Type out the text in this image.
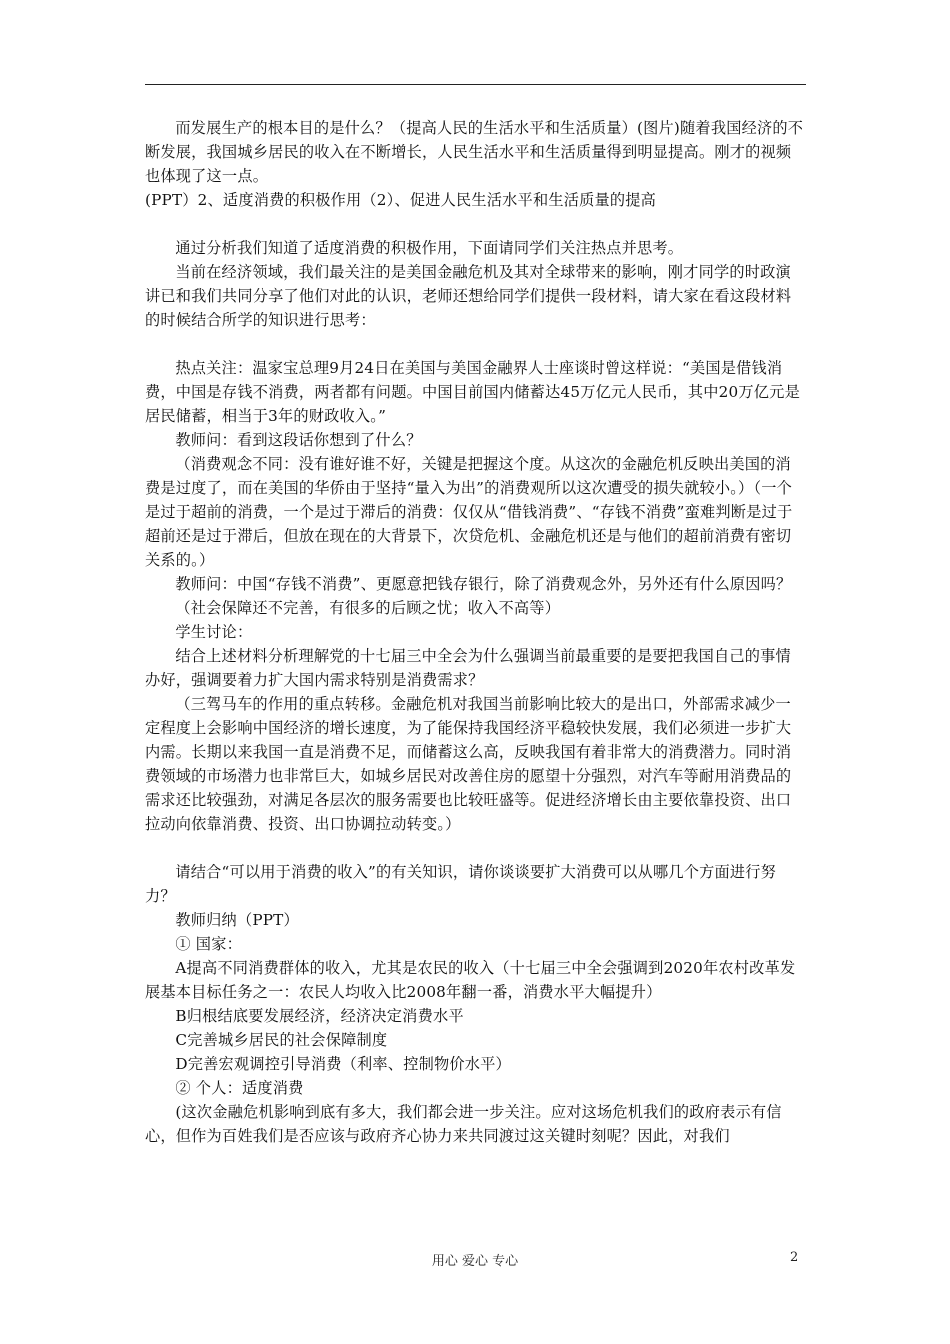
而发展生产的根本目的是什么？（提高人民的生活水平和生活质量）(图片)随着我国经济的不断发展，我国城乡居民的收入在不断增长，人民生活水平和生活质量得到明显提高。刚才的视频也体现了这一点。

(PPT）2、适度消费的积极作用（2）、促进人民生活水平和生活质量的提高

通过分析我们知道了适度消费的积极作用，下面请同学们关注热点并思考。

当前在经济领域，我们最关注的是美国金融危机及其对全球带来的影响，刚才同学的时政演讲已和我们共同分享了他们对此的认识，老师还想给同学们提供一段材料，请大家在看这段材料的时候结合所学的知识进行思考：

热点关注：温家宝总理9月24日在美国与美国金融界人士座谈时曾这样说：“美国是借钱消费，中国是存钱不消费，两者都有问题。中国目前国内储蓄达45万亿元人民币，其中20万亿元是居民储蓄，相当于3年的财政收入。”

教师问：看到这段话你想到了什么？

（消费观念不同：没有谁好谁不好，关键是把握这个度。从这次的金融危机反映出美国的消费是过度了，而在美国的华侨由于坚持“量入为出”的消费观所以这次遭受的损失就较小。）（一个是过于超前的消费，一个是过于滞后的消费：仅仅从“借钱消费”、“存钱不消费”蛮难判断是过于超前还是过于滞后，但放在现在的大背景下，次贷危机、金融危机还是与他们的超前消费有密切关系的。）

教师问：中国“存钱不消费”、更愿意把钱存银行，除了消费观念外，另外还有什么原因吗？

（社会保障还不完善，有很多的后顾之忧；收入不高等）

学生讨论：

结合上述材料分析理解党的十七届三中全会为什么强调当前最重要的是要把我国自己的事情办好，强调要着力扩大国内需求特别是消费需求？

（三驾马车的作用的重点转移。金融危机对我国当前影响比较大的是出口，外部需求减少一定程度上会影响中国经济的增长速度，为了能保持我国经济平稳较快发展，我们必须进一步扩大内需。长期以来我国一直是消费不足，而储蓄这么高，反映我国有着非常大的消费潜力。同时消费领域的市场潜力也非常巨大，如城乡居民对改善住房的愿望十分强烈，对汽车等耐用消费品的需求还比较强劲，对满足各层次的服务需要也比较旺盛等。促进经济增长由主要依靠投资、出口拉动向依靠消费、投资、出口协调拉动转变。）

请结合“可以用于消费的收入”的有关知识，请你谈谈要扩大消费可以从哪几个方面进行努力？

教师归纳（PPT）

① 国家：

A提高不同消费群体的收入，尤其是农民的收入（十七届三中全会强调到2020年农村改革发展基本目标任务之一：农民人均收入比2008年翻一番，消费水平大幅提升）

B归根结底要发展经济，经济决定消费水平

C完善城乡居民的社会保障制度

D完善宏观调控引导消费（利率、控制物价水平）

② 个人：适度消费

(这次金融危机影响到底有多大，我们都会进一步关注。应对这场危机我们的政府表示有信心，但作为百姓我们是否应该与政府齐心协力来共同渡过这关键时刻呢？因此，对我们

用心 爱心 专心	2
